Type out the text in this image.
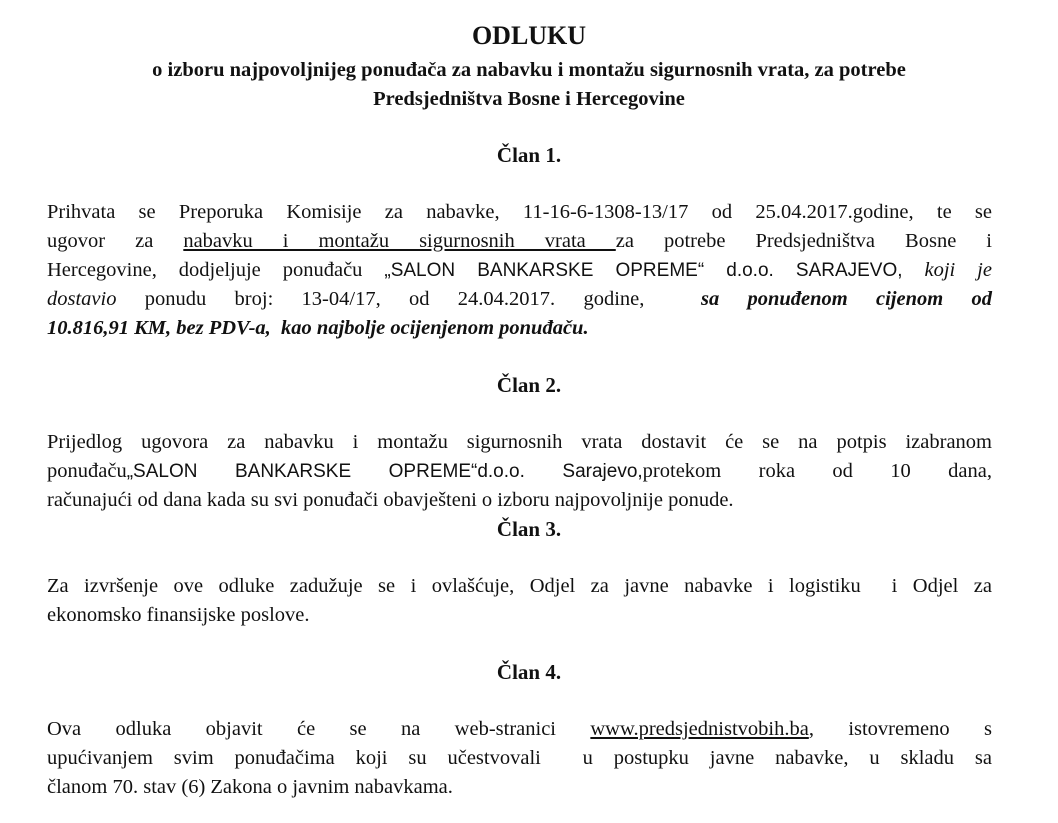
ODLUKU
o izboru najpovoljnijeg ponuđača za nabavku i montažu sigurnosnih vrata, za potrebe
Predsjedništva Bosne i Hercegovine
Član 1.
Prihvata se Preporuka Komisije za nabavke, 11-16-6-1308-13/17 od 25.04.2017.godine, te se
ugovor za nabavku i montažu sigurnosnih vrata za potrebe Predsjedništva Bosne i
Hercegovine, dodjeljuje ponuđaču „SALON BANKARSKE OPREME“ d.o.o. SARAJEVO, koji je
dostavio ponudu broj: 13-04/17, od 24.04.2017. godine,  sa ponuđenom cijenom od
10.816,91 KM, bez PDV-a,  kao najbolje ocijenjenom ponuđaču.
Član 2.
Prijedlog ugovora za nabavku i montažu sigurnosnih vrata dostavit će se na potpis izabranom
ponuđaču„SALON BANKARSKE OPREME“d.o.o. Sarajevo,protekom roka od 10 dana,
računajući od dana kada su svi ponuđači obavješteni o izboru najpovoljnije ponude.
Član 3.
Za izvršenje ove odluke zadužuje se i ovlašćuje, Odjel za javne nabavke i logistiku  i Odjel za
ekonomsko finansijske poslove.
Član 4.
Ova odluka objavit će se na web-stranici www.predsjednistvobih.ba, istovremeno s
upućivanjem svim ponuđačima koji su učestvovali  u postupku javne nabavke, u skladu sa
članom 70. stav (6) Zakona o javnim nabavkama.
